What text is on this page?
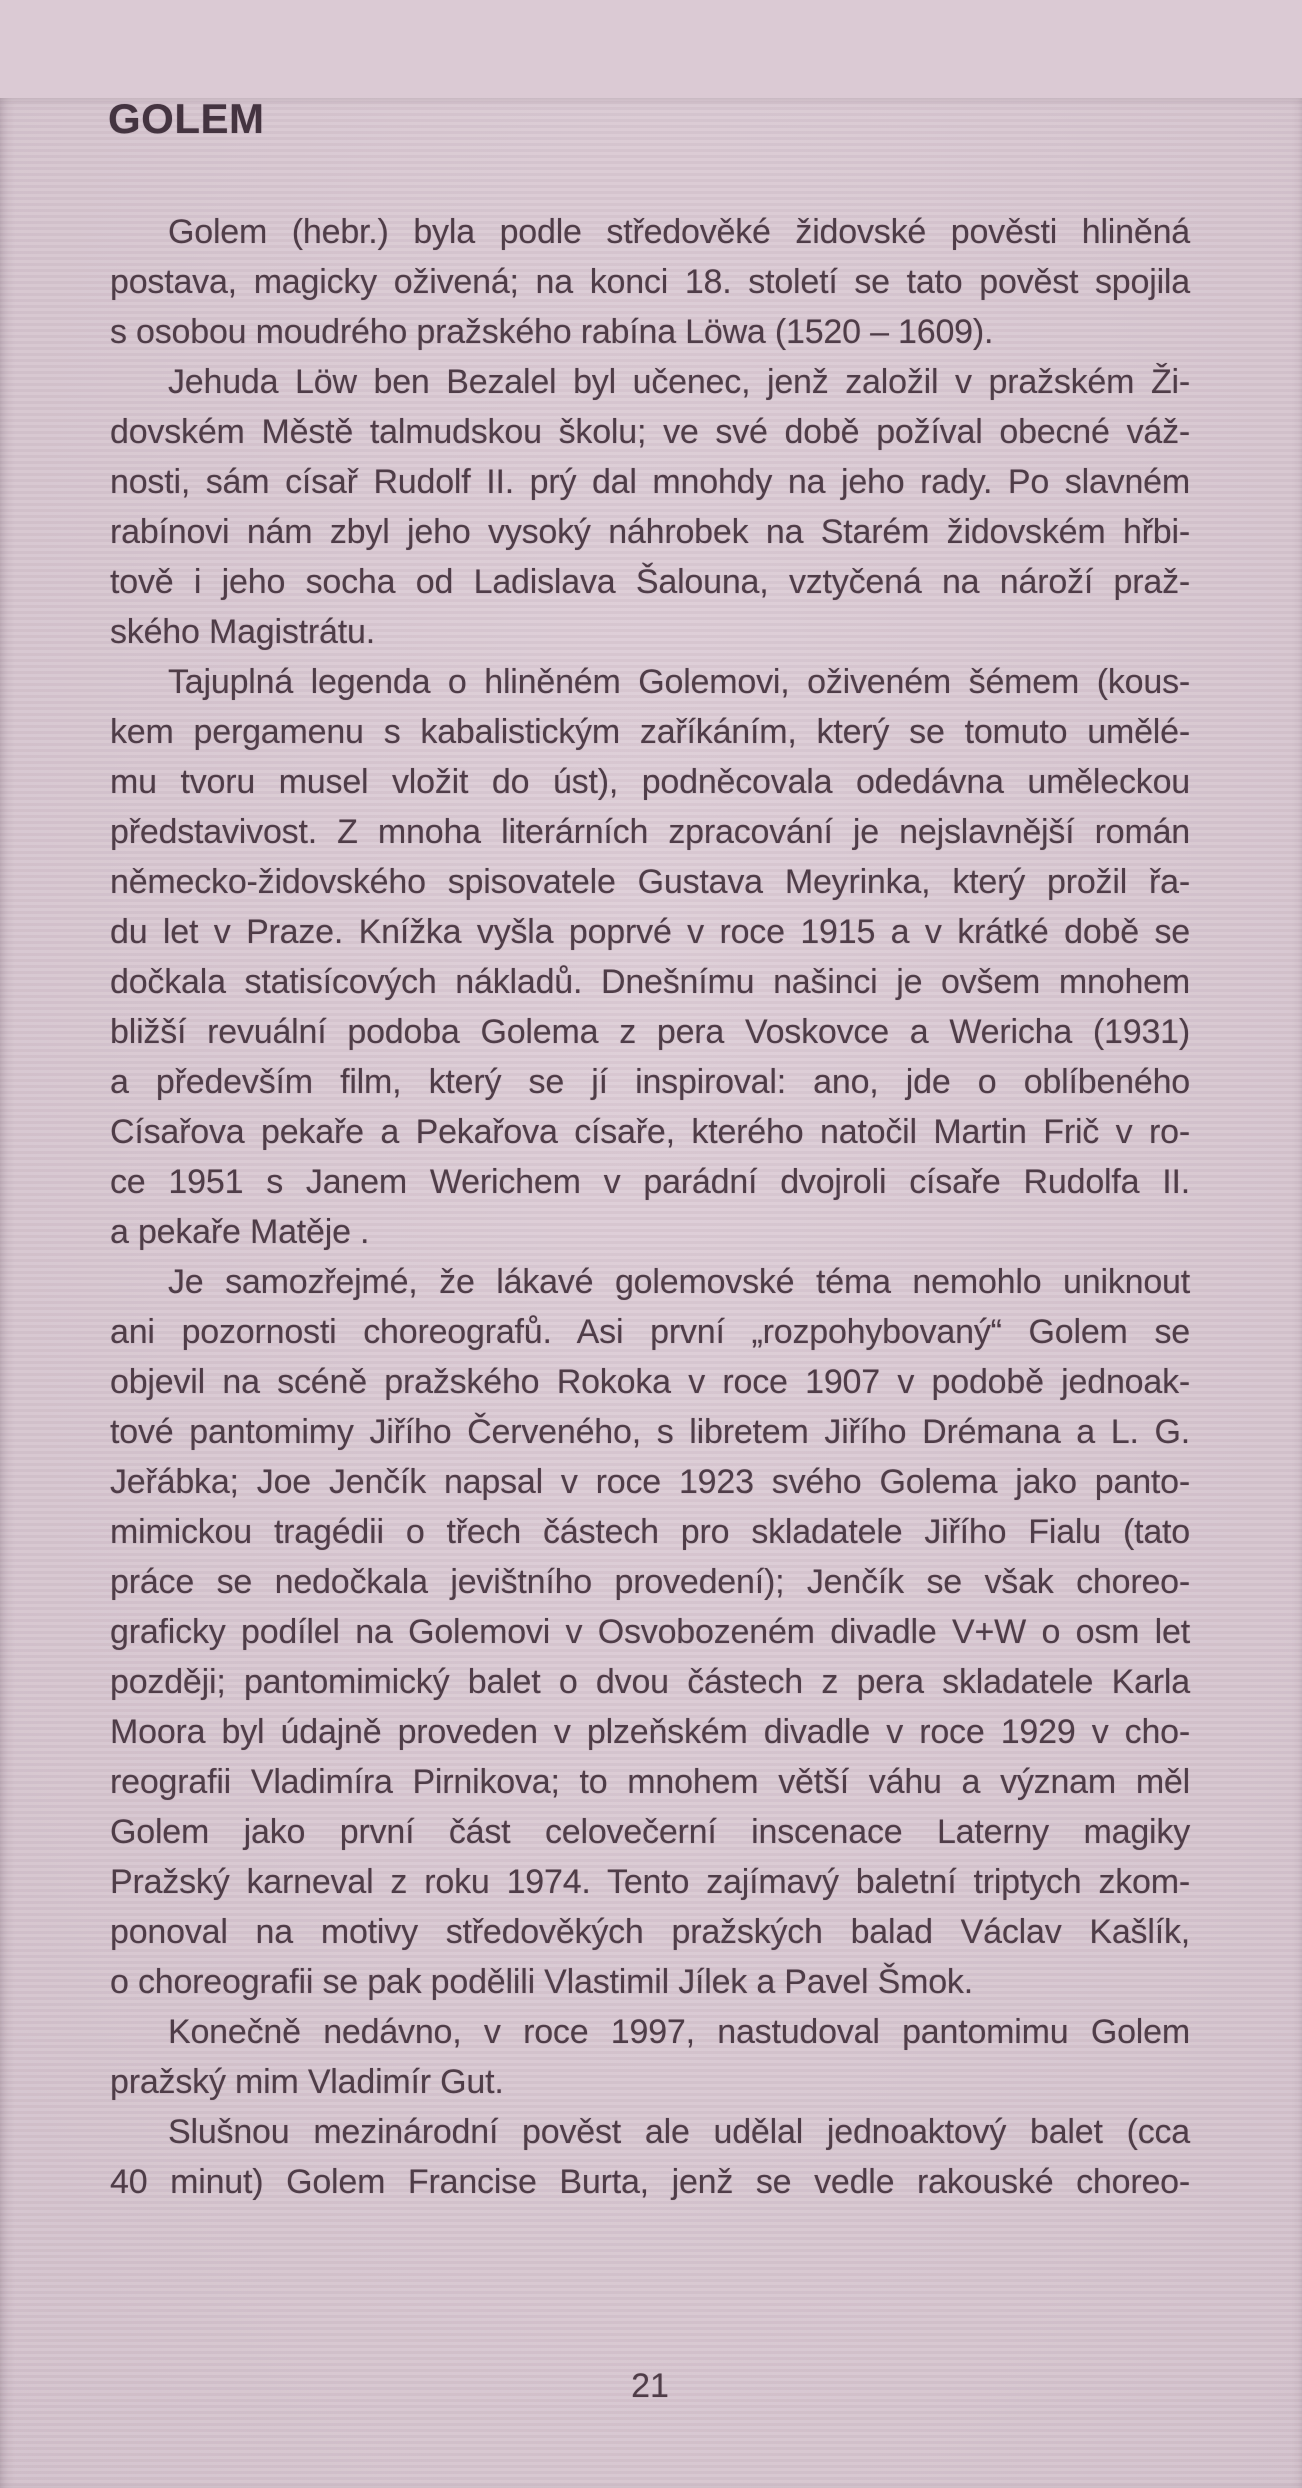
GOLEM
Golem (hebr.) byla podle středověké židovské pověsti hliněná
postava, magicky oživená; na konci 18. století se tato pověst spojila
s osobou moudrého pražského rabína Löwa (1520 – 1609).
Jehuda Löw ben Bezalel byl učenec, jenž založil v pražském Ži-
dovském Městě talmudskou školu; ve své době požíval obecné váž-
nosti, sám císař Rudolf II. prý dal mnohdy na jeho rady. Po slavném
rabínovi nám zbyl jeho vysoký náhrobek na Starém židovském hřbi-
tově i jeho socha od Ladislava Šalouna, vztyčená na nároží praž-
ského Magistrátu.
Tajuplná legenda o hliněném Golemovi, oživeném šémem (kous-
kem pergamenu s kabalistickým zaříkáním, který se tomuto umělé-
mu tvoru musel vložit do úst), podněcovala odedávna uměleckou
představivost. Z mnoha literárních zpracování je nejslavnější román
německo-židovského spisovatele Gustava Meyrinka, který prožil řa-
du let v Praze. Knížka vyšla poprvé v roce 1915 a v krátké době se
dočkala statisícových nákladů. Dnešnímu našinci je ovšem mnohem
bližší revuální podoba Golema z pera Voskovce a Wericha (1931)
a především film, který se jí inspiroval: ano, jde o oblíbeného
Císařova pekaře a Pekařova císaře, kterého natočil Martin Frič v ro-
ce 1951 s Janem Werichem v parádní dvojroli císaře Rudolfa II.
a pekaře Matěje .
Je samozřejmé, že lákavé golemovské téma nemohlo uniknout
ani pozornosti choreografů. Asi první „rozpohybovaný“ Golem se
objevil na scéně pražského Rokoka v roce 1907 v podobě jednoak-
tové pantomimy Jiřího Červeného, s libretem Jiřího Drémana a L. G.
Jeřábka; Joe Jenčík napsal v roce 1923 svého Golema jako panto-
mimickou tragédii o třech částech pro skladatele Jiřího Fialu (tato
práce se nedočkala jevištního provedení); Jenčík se však choreo-
graficky podílel na Golemovi v Osvobozeném divadle V+W o osm let
později; pantomimický balet o dvou částech z pera skladatele Karla
Moora byl údajně proveden v plzeňském divadle v roce 1929 v cho-
reografii Vladimíra Pirnikova; to mnohem větší váhu a význam měl
Golem jako první část celovečerní inscenace Laterny magiky
Pražský karneval z roku 1974. Tento zajímavý baletní triptych zkom-
ponoval na motivy středověkých pražských balad Václav Kašlík,
o choreografii se pak podělili Vlastimil Jílek a Pavel Šmok.
Konečně nedávno, v roce 1997, nastudoval pantomimu Golem
pražský mim Vladimír Gut.
Slušnou mezinárodní pověst ale udělal jednoaktový balet (cca
40 minut) Golem Francise Burta, jenž se vedle rakouské choreo-
21
